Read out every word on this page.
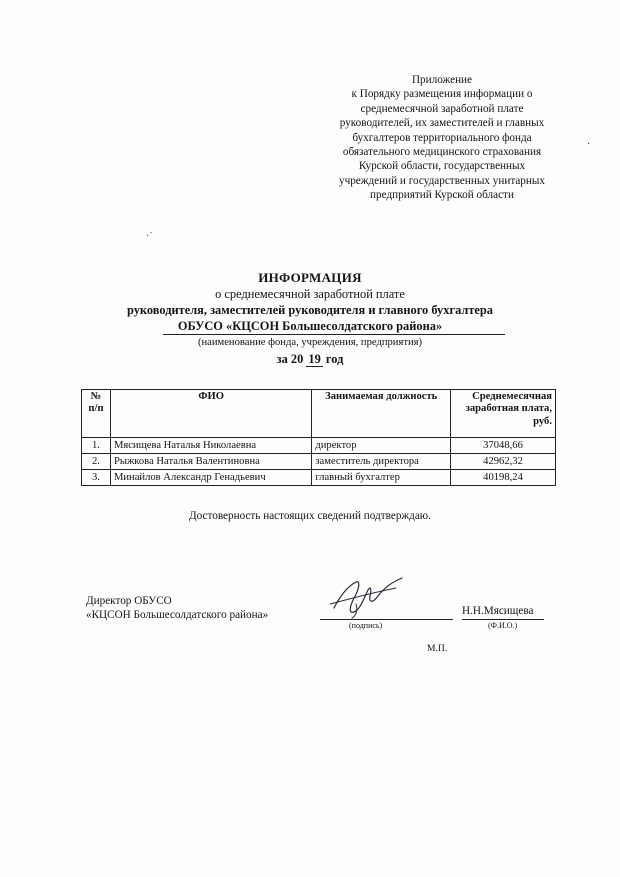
Приложение
к Порядку размещения информации о
среднемесячной заработной плате
руководителей, их заместителей и главных
бухгалтеров территориального фонда
обязательного медицинского страхования
Курской области, государственных
учреждений и государственных унитарных
предприятий Курской области
·˙
·
ИНФОРМАЦИЯ
о среднемесячной заработной плате
руководителя, заместителей руководителя и главного бухгалтера
ОБУСО «КЦСОН Большесолдатского района»
(наименование фонда, учреждения, предприятия)
за 20 19 год
№ п/п	ФИО	Занимаемая должность	Среднемесячная заработная плата, руб.
1.	Мясищева Наталья Николаевна	директор	37048,66
2.	Рыжкова Наталья Валентиновна	заместитель директора	42962,32
3.	Минайлов Александр Генадьевич	главный бухгалтер	40198,24
Достоверность настоящих сведений подтверждаю.
Директор ОБУСО
«КЦСОН Большесолдатского района»
(подпись)
Н.Н.Мясищева
(Ф.И.О.)
М.П.
